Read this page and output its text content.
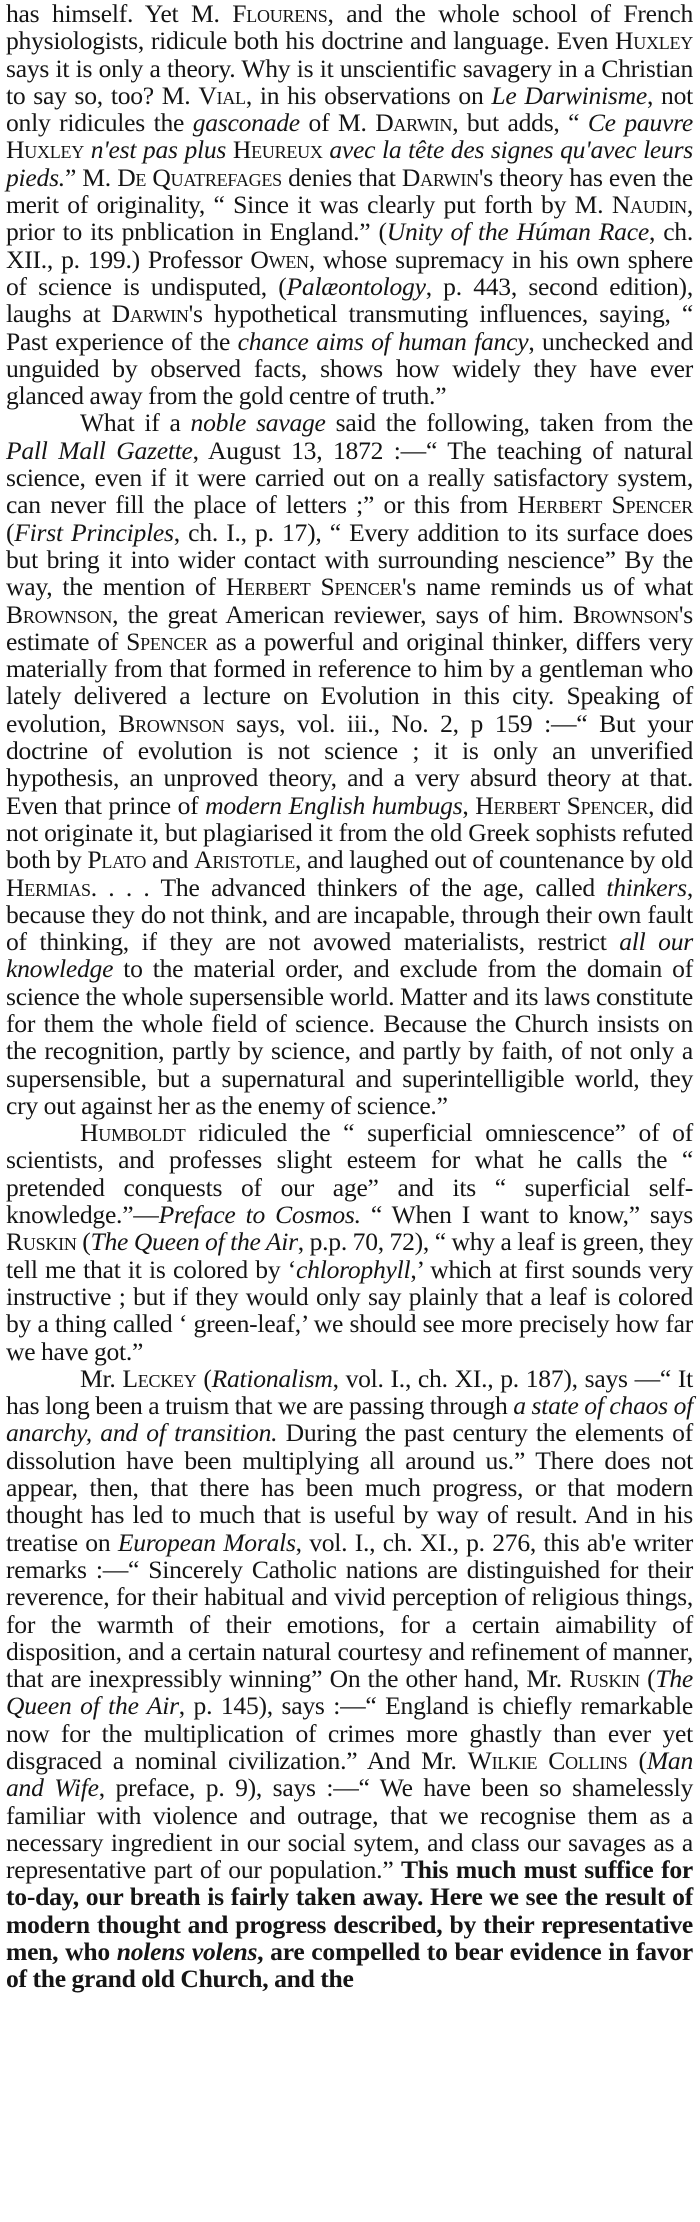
has himself. Yet M. Flourens, and the whole school of French physiologists, ridicule both his doctrine and language. Even Huxley says it is only a theory. Why is it unscientific savagery in a Christian to say so, too? M. Vial, in his observations on Le Darwinisme, not only ridicules the gasconade of M. Darwin, but adds, “ Ce pauvre Huxley n'est pas plus Heureux avec la tête des signes qu'avec leurs pieds.” M. De Quatrefages denies that Darwin's theory has even the merit of originality, “ Since it was clearly put forth by M. Naudin, prior to its pnblication in England.” (Unity of the Húman Race, ch. XII., p. 199.) Professor Owen, whose supremacy in his own sphere of science is undisputed, (Palæontology, p. 443, second edition), laughs at Darwin's hypothetical transmuting influences, saying, “ Past experience of the chance aims of human fancy, unchecked and unguided by observed facts, shows how widely they have ever glanced away from the gold centre of truth.”

What if a noble savage said the following, taken from the Pall Mall Gazette, August 13, 1872 :—“ The teaching of natural science, even if it were carried out on a really satisfactory system, can never fill the place of letters ;” or this from Herbert Spencer (First Principles, ch. I., p. 17), “ Every addition to its surface does but bring it into wider contact with surrounding nescience” By the way, the mention of Herbert Spencer's name reminds us of what Brownson, the great American reviewer, says of him. Brownson's estimate of Spencer as a powerful and original thinker, differs very materially from that formed in reference to him by a gentleman who lately delivered a lecture on Evolution in this city. Speaking of evolution, Brownson says, vol. iii., No. 2, p 159 :—“ But your doctrine of evolution is not science ; it is only an unverified hypothesis, an unproved theory, and a very absurd theory at that. Even that prince of modern English humbugs, Herbert Spencer, did not originate it, but plagiarised it from the old Greek sophists refuted both by Plato and Aristotle, and laughed out of countenance by old Hermias. . . . The advanced thinkers of the age, called thinkers, because they do not think, and are incapable, through their own fault of thinking, if they are not avowed materialists, restrict all our knowledge to the material order, and exclude from the domain of science the whole supersensible world. Matter and its laws constitute for them the whole field of science. Because the Church insists on the recognition, partly by science, and partly by faith, of not only a supersensible, but a supernatural and superintelligible world, they cry out against her as the enemy of science.”

Humboldt ridiculed the “ superficial omniescence” of of scientists, and professes slight esteem for what he calls the “ pretended conquests of our age” and its “ superficial self-knowledge.”—Preface to Cosmos. “ When I want to know,” says Ruskin (The Queen of the Air, p.p. 70, 72), “ why a leaf is green, they tell me that it is colored by ‘chlorophyll,’ which at first sounds very instructive ; but if they would only say plainly that a leaf is colored by a thing called ‘ green-leaf,’ we should see more precisely how far we have got.”

Mr. Leckey (Rationalism, vol. I., ch. XI., p. 187), says —“ It has long been a truism that we are passing through a state of chaos of anarchy, and of transition. During the past century the elements of dissolution have been multiplying all around us.” There does not appear, then, that there has been much progress, or that modern thought has led to much that is useful by way of result. And in his treatise on European Morals, vol. I., ch. XI., p. 276, this ab'e writer remarks :—“ Sincerely Catholic nations are distinguished for their reverence, for their habitual and vivid perception of religious things, for the warmth of their emotions, for a certain aimability of disposition, and a certain natural courtesy and refinement of manner, that are inexpressibly winning” On the other hand, Mr. Ruskin (The Queen of the Air, p. 145), says :—“ England is chiefly remarkable now for the multiplication of crimes more ghastly than ever yet disgraced a nominal civilization.” And Mr. Wilkie Collins (Man and Wife, preface, p. 9), says :—“ We have been so shamelessly familiar with violence and outrage, that we recognise them as a necessary ingredient in our social sytem, and class our savages as a representative part of our population.” This much must suffice for to-day, our breath is fairly taken away. Here we see the result of modern thought and progress described, by their representative men, who nolens volens, are compelled to bear evidence in favor of the grand old Church, and the
